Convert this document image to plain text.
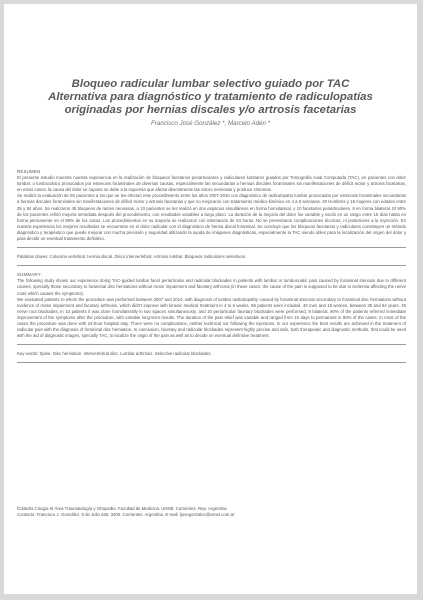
Bloqueo radicular lumbar selectivo guiado por TAC
Alternativa para diagnóstico y tratamiento de radiculopatías
originadas por hernias discales y/o artrosis facetarias
Francisco José González *, Marcelo Adén *

RESUMEN

El presente estudio muestra nuestra experiencia en la realización de bloqueos facetarios periarticulares y radiculares lumbares guiados por Tomografía Axial Computada (TAC), en pacientes con dolor lumbar, o lumbociático provocados por estenosis foraminales de diversas causas, especialmente las secundarias a hernias discales foraminales sin manifestaciones de déficit motor y artrosis facetarias, en estos casos, la causa del dolor se supone se debe a la isquemia que afecta directamente las raíces nerviosas y produce síntomas.

Se realizó la evaluación de 55 pacientes a los que se les efectuó este procedimiento entre los años 2007-2010 con diagnóstico de radiculopatía lumbar provocados por estenosis foraminales secundarias a hernias discales foraminales sin manifestaciones de déficit motor y artrosis facetarias y que no mejoraron con tratamiento médico-kinésico en 4 a 6 semanas. 40 Hombres y 15 mujeres con edades entre 35 y 84 años. Se realizaron 45 bloqueos de raíces nerviosas, a 10 pacientes se les realizó en dos espacios simultáneos en forma homolateral, y 10 facetarios periarticulares, 8 en forma bilateral. El 90% de los pacientes refirió mejoría inmediata después del procedimiento, con resultados variables a largo plazo. La duración de la mejoría del dolor fue variable y osciló en un rango entre 15 días hasta en forma permanente en el 80% de los casos. Los procedimientos en su mayoría se realizaron con internación de 24 horas. No se presentaron complicaciones técnicas, ni posteriores a la inyección. En nuestra experiencia los mejores resultados se encuentran en el dolor radicular con el diagnóstico de hernia discal foraminal. Se concluye que los bloqueos facetarios y radiculares constituyen un método diagnóstico y terapéutico que puede mejorar con mucha precisión y seguridad utilizando la ayuda de imágenes diagnósticas, especialmente la TAC siendo útiles para la localización del origen del dolor y para decidir un eventual tratamiento definitivo.

Palabras claves: Columna vertebral. Hernia discal. Disco intervertebral. Artrosis lumbar. Bloqueos radiculares selectivos.

SUMMARY:

The following study shows our experience doing TAC-guided lumbar facet periarticular and radicular blockades in patients with lumbar or lumbosciatic pain caused by foraminal stenosis due to different causes, specially those secondary to foraminal disc herniations without motor impairment and facetary arthrosis (in these cases, the cause of the pain is supposed to be due to ischemia affecting the nerve roots which causes the symptoms).

We evaluated patients to whom the procedure was performed between 2007 and 2010, with diagnosis of lumbar radiculopathy caused by foraminal stenosis secondary to foraminal disc herniations without evidence of motor impairment and facetary arthrosis, which didn't improve with kinesic medical treatment in 4 to 6 weeks. 55 patients were included, 40 men and 15 women, between 35 and 84 years. 45 nerve root blockades, in 10 patients it was done homolaterally in two spaces simultaneously, and 10 periarticular facetary blockades were performed, 8 bilateral. 90% of the patients referred immediate improvement of the symptoms after the procedure, with variable long-term results. The duration of the pain relief was variable and ranged from 15 days to permanent in 80% of the cases. In most of the cases the procedure was done with 24-hour hospital stay. There were no complications, neither technical nor following the injections. In our experience the best results are achieved in the treatment of radicular pain with the diagnosis of foraminal disc herniation. In conclusion, facetary and radicular blockades represent highly precise and safe, both therapeutic and diagnostic methods, that could be used with the aid of diagnostic images, specially TAC, to localize the origin of the pain as well as to decide on eventual definitive treatment.

Key words: Spine. Disc herniation. Intervertebral disc. Lumbar arthrosis. Selective radicular blockades.

fCátedra Cirugía III Área Traumatología y Ortopedia. Facultad de Medicina. UNNE. Corrientes. Rep. Argentina
Contacto: Francisco J. González. 8 de Julio 625. 3400. Corrientes. Argentina. E-mail: ljosegonzalez@arnet.com.ar
